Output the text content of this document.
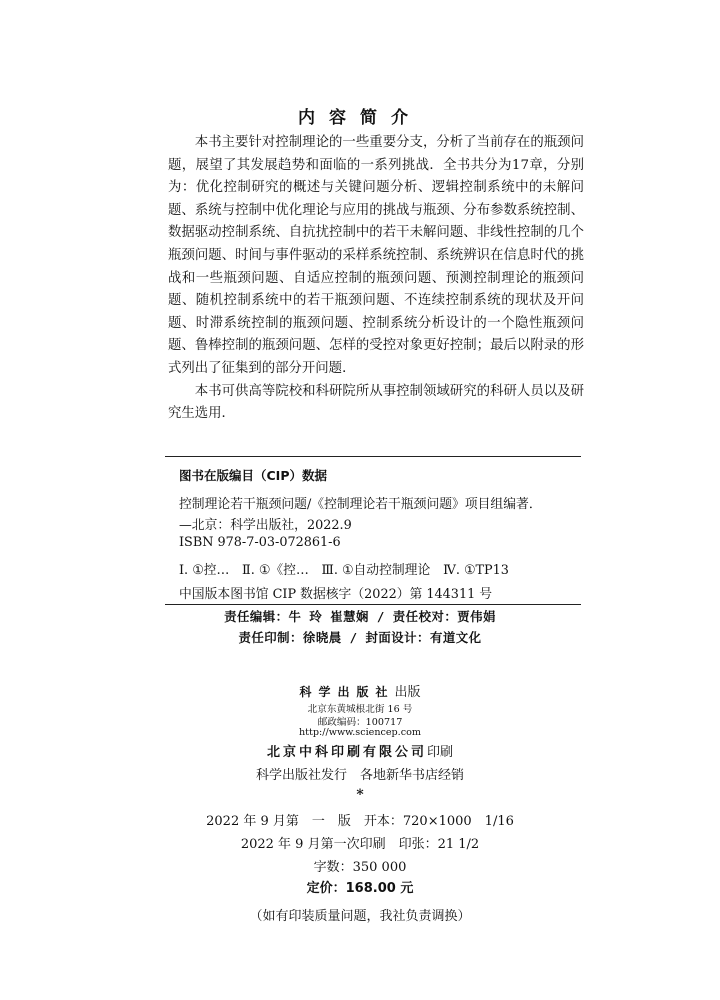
内容简介

本书主要针对控制理论的一些重要分支，分析了当前存在的瓶颈问题，展望了其发展趋势和面临的一系列挑战．全书共分为17章，分别为：优化控制研究的概述与关键问题分析、逻辑控制系统中的未解问题、系统与控制中优化理论与应用的挑战与瓶颈、分布参数系统控制、数据驱动控制系统、自抗扰控制中的若干未解问题、非线性控制的几个瓶颈问题、时间与事件驱动的采样系统控制、系统辨识在信息时代的挑战和一些瓶颈问题、自适应控制的瓶颈问题、预测控制理论的瓶颈问题、随机控制系统中的若干瓶颈问题、不连续控制系统的现状及开问题、时滞系统控制的瓶颈问题、控制系统分析设计的一个隐性瓶颈问题、鲁棒控制的瓶颈问题、怎样的受控对象更好控制；最后以附录的形式列出了征集到的部分开问题．

本书可供高等院校和科研院所从事控制领域研究的科研人员以及研究生选用．

图书在版编目（CIP）数据
控制理论若干瓶颈问题/《控制理论若干瓶颈问题》项目组编著．
—北京：科学出版社，2022.9
ISBN 978-7-03-072861-6
Ⅰ. ①控…　Ⅱ. ①《控…　Ⅲ. ①自动控制理论　Ⅳ. ①TP13
中国版本图书馆 CIP 数据核字（2022）第 144311 号
责任编辑：牛 玲 崔慧娴 / 责任校对：贾伟娟
责任印制：徐晓晨 / 封面设计：有道文化
科学出版社出版
北京东黄城根北街 16 号
邮政编码：100717
http://www.sciencep.com
北京中科印刷有限公司印刷
科学出版社发行　各地新华书店经销
*
2022 年 9 月第　一　版　开本：720×1000　1/16
2022 年 9 月第一次印刷　印张：21 1/2
字数：350 000
定价：168.00 元
（如有印装质量问题，我社负责调换）
